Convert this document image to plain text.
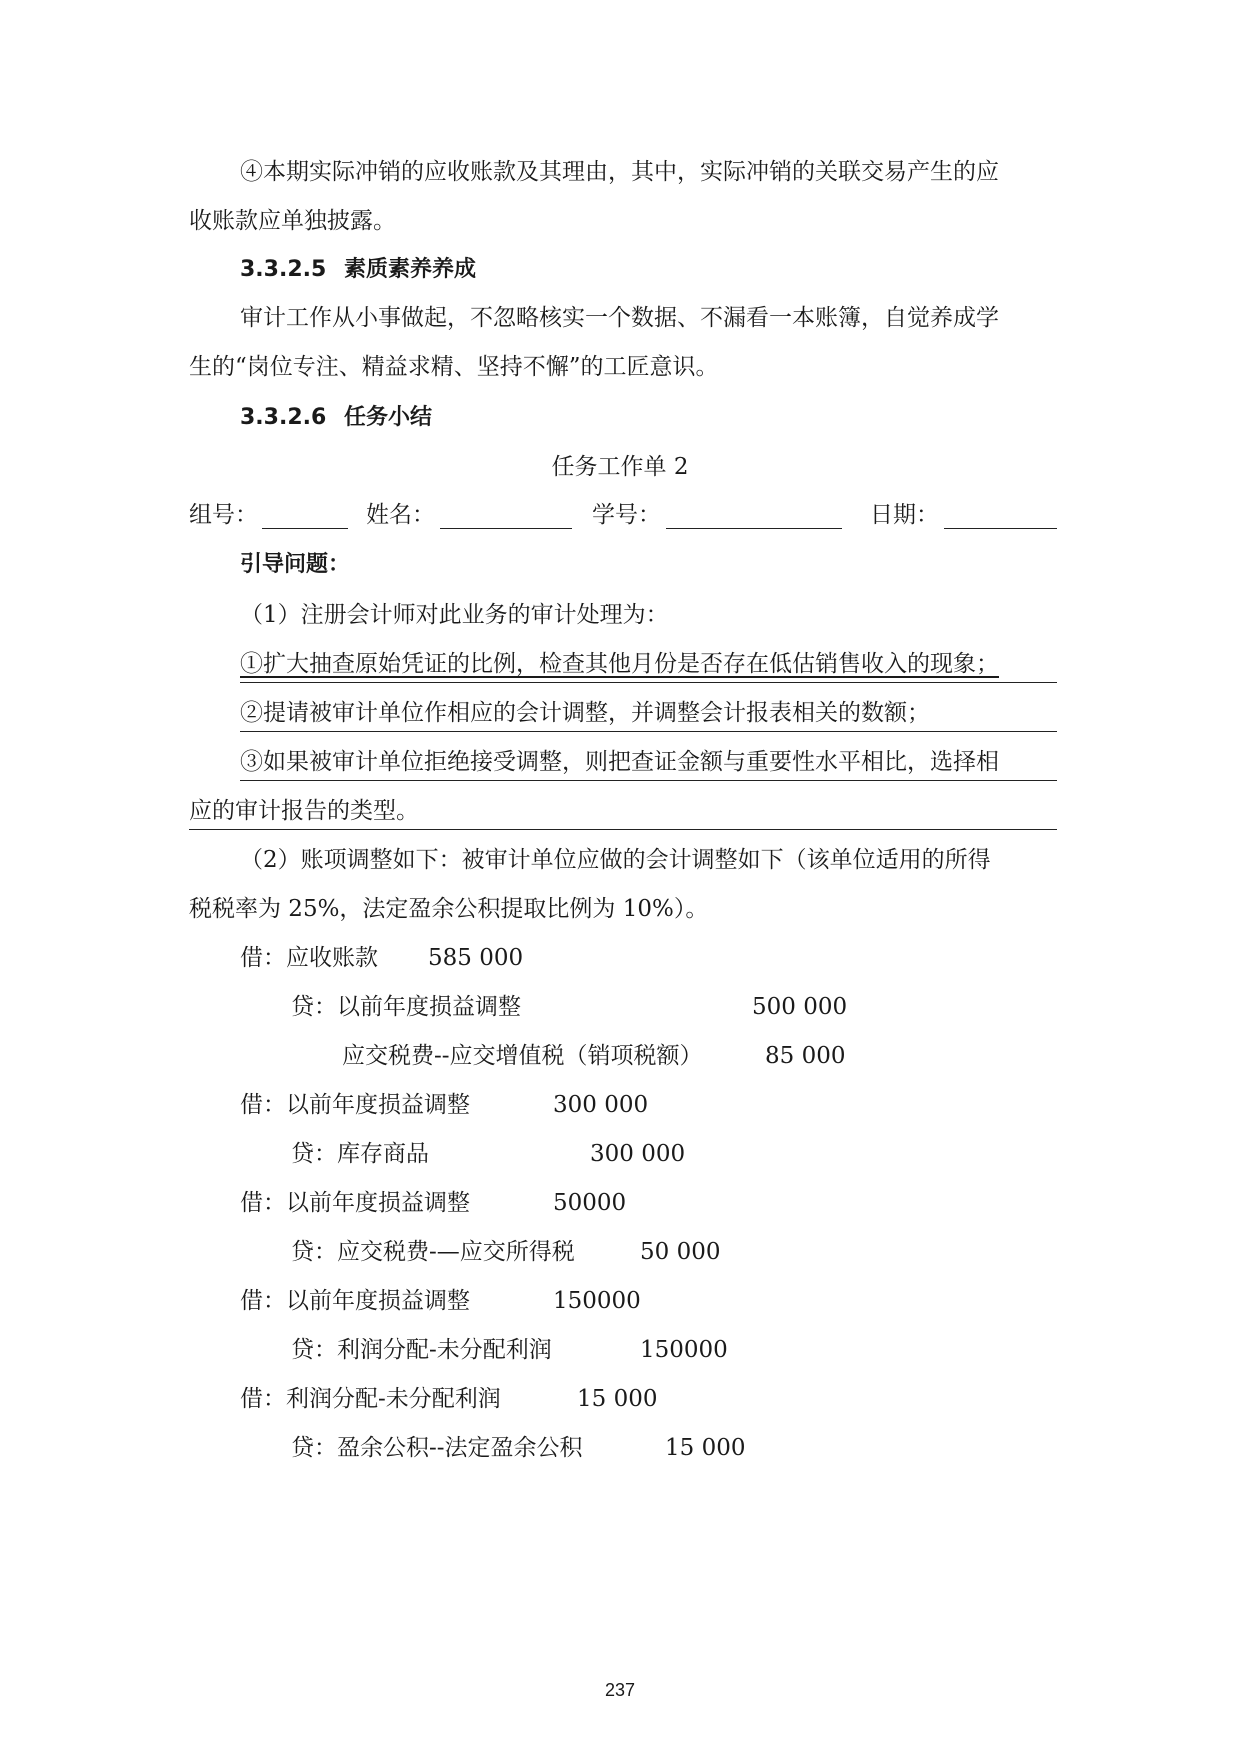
④本期实际冲销的应收账款及其理由，其中，实际冲销的关联交易产生的应
收账款应单独披露。
3.3.2.5 素质素养养成
审计工作从小事做起，不忽略核实一个数据、不漏看一本账簿，自觉养成学
生的“岗位专注、精益求精、坚持不懈”的工匠意识。
3.3.2.6 任务小结
任务工作单 2
组号：	姓名：	学号：	日期：
引导问题：
（1）注册会计师对此业务的审计处理为：
①扩大抽查原始凭证的比例，检查其他月份是否存在低估销售收入的现象；
②提请被审计单位作相应的会计调整，并调整会计报表相关的数额；
③如果被审计单位拒绝接受调整，则把查证金额与重要性水平相比，选择相
应的审计报告的类型。
（2）账项调整如下：被审计单位应做的会计调整如下（该单位适用的所得
税税率为 25%，法定盈余公积提取比例为 10%）。
借：应收账款 585 000
贷：以前年度损益调整	500 000
应交税费--应交增值税（销项税额）	85 000
借：以前年度损益调整	300 000
贷：库存商品	300 000
借：以前年度损益调整	50000
贷：应交税费-—应交所得税	50 000
借：以前年度损益调整	150000
贷：利润分配-未分配利润	150000
借：利润分配-未分配利润	15 000
贷：盈余公积--法定盈余公积	15 000
237
